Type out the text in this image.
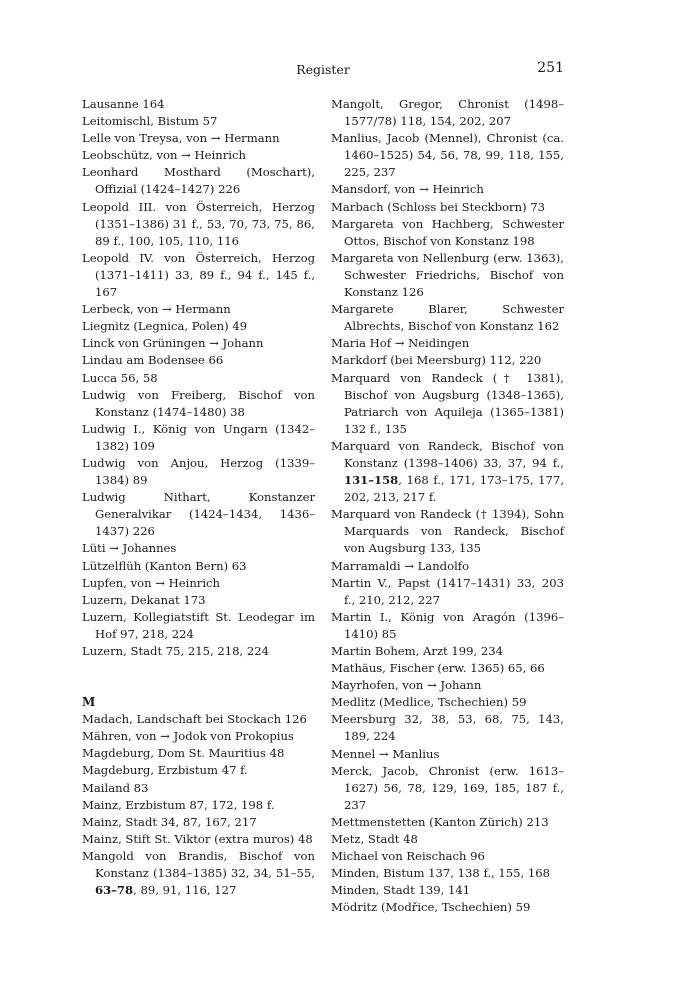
Register	251
Lausanne 164
Leitomischl, Bistum 57
Lelle von Treysa, von → Hermann
Leobschütz, von → Heinrich
Leonhard Mosthard (Moschart), Offizial (1424–1427) 226
Leopold III. von Österreich, Herzog (1351–1386) 31 f., 53, 70, 73, 75, 86, 89 f., 100, 105, 110, 116
Leopold IV. von Österreich, Herzog (1371–1411) 33, 89 f., 94 f., 145 f., 167
Lerbeck, von → Hermann
Liegnitz (Legnica, Polen) 49
Linck von Grüningen → Johann
Lindau am Bodensee 66
Lucca 56, 58
Ludwig von Freiberg, Bischof von Konstanz (1474–1480) 38
Ludwig I., König von Ungarn (1342–1382) 109
Ludwig von Anjou, Herzog (1339–1384) 89
Ludwig Nithart, Konstanzer Generalvikar (1424–1434, 1436–1437) 226
Lüti → Johannes
Lützelflüh (Kanton Bern) 63
Lupfen, von → Heinrich
Luzern, Dekanat 173
Luzern, Kollegiatstift St. Leodegar im Hof 97, 218, 224
Luzern, Stadt 75, 215, 218, 224
M
Madach, Landschaft bei Stockach 126
Mähren, von → Jodok von Prokopius
Magdeburg, Dom St. Mauritius 48
Magdeburg, Erzbistum 47 f.
Mailand 83
Mainz, Erzbistum 87, 172, 198 f.
Mainz, Stadt 34, 87, 167, 217
Mainz, Stift St. Viktor (extra muros) 48
Mangold von Brandis, Bischof von Konstanz (1384–1385) 32, 34, 51–55, 63–78, 89, 91, 116, 127
Mangolt, Gregor, Chronist (1498–1577/78) 118, 154, 202, 207
Manlius, Jacob (Mennel), Chronist (ca. 1460–1525) 54, 56, 78, 99, 118, 155, 225, 237
Mansdorf, von → Heinrich
Marbach (Schloss bei Steckborn) 73
Margareta von Hachberg, Schwester Ottos, Bischof von Konstanz 198
Margareta von Nellenburg (erw. 1363), Schwester Friedrichs, Bischof von Konstanz 126
Margarete Blarer, Schwester Albrechts, Bischof von Konstanz 162
Maria Hof → Neidingen
Markdorf (bei Meersburg) 112, 220
Marquard von Randeck († 1381), Bischof von Augsburg (1348–1365), Patriarch von Aquileja (1365–1381) 132 f., 135
Marquard von Randeck, Bischof von Konstanz (1398–1406) 33, 37, 94 f., 131–158, 168 f., 171, 173–175, 177, 202, 213, 217 f.
Marquard von Randeck († 1394), Sohn Marquards von Randeck, Bischof von Augsburg 133, 135
Marramaldi → Landolfo
Martin V., Papst (1417–1431) 33, 203 f., 210, 212, 227
Martin I., König von Aragón (1396–1410) 85
Martin Bohem, Arzt 199, 234
Mathäus, Fischer (erw. 1365) 65, 66
Mayrhofen, von → Johann
Medlitz (Medlice, Tschechien) 59
Meersburg 32, 38, 53, 68, 75, 143, 189, 224
Mennel → Manlius
Merck, Jacob, Chronist (erw. 1613–1627) 56, 78, 129, 169, 185, 187 f., 237
Mettmenstetten (Kanton Zürich) 213
Metz, Stadt 48
Michael von Reischach 96
Minden, Bistum 137, 138 f., 155, 168
Minden, Stadt 139, 141
Mödritz (Modřice, Tschechien) 59
